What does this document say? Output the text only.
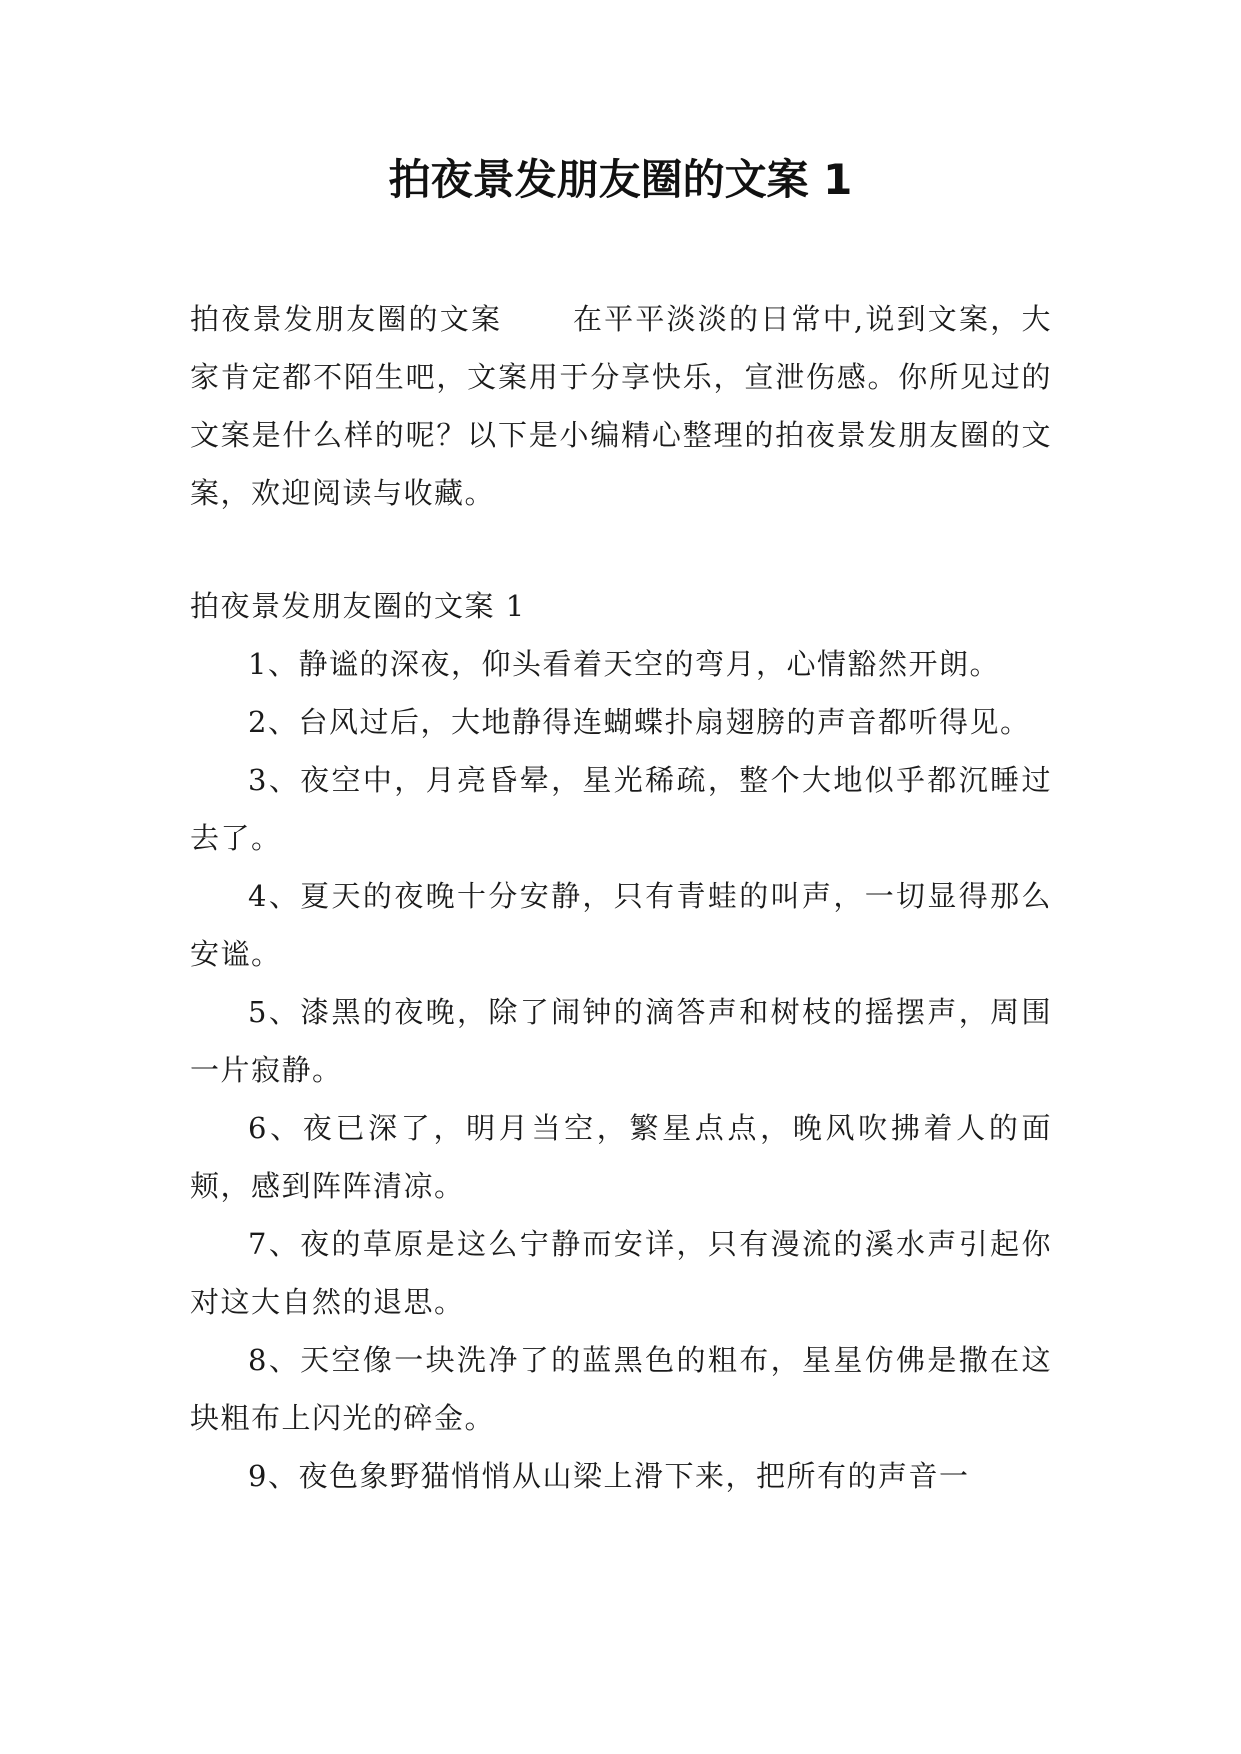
拍夜景发朋友圈的文案 1

拍夜景发朋友圈的文案 在平平淡淡的日常中,说到文案，大家肯定都不陌生吧，文案用于分享快乐，宣泄伤感。你所见过的文案是什么样的呢？以下是小编精心整理的拍夜景发朋友圈的文案，欢迎阅读与收藏。

拍夜景发朋友圈的文案 1

1、静谧的深夜，仰头看着天空的弯月，心情豁然开朗。

2、台风过后，大地静得连蝴蝶扑扇翅膀的声音都听得见。

3、夜空中，月亮昏晕，星光稀疏，整个大地似乎都沉睡过去了。

4、夏天的夜晚十分安静，只有青蛙的叫声，一切显得那么安谧。

5、漆黑的夜晚，除了闹钟的滴答声和树枝的摇摆声，周围一片寂静。

6、夜已深了，明月当空，繁星点点，晚风吹拂着人的面颊，感到阵阵清凉。

7、夜的草原是这么宁静而安详，只有漫流的溪水声引起你对这大自然的退思。

8、天空像一块洗净了的蓝黑色的粗布，星星仿佛是撒在这块粗布上闪光的碎金。

9、夜色象野猫悄悄从山梁上滑下来，把所有的声音一
